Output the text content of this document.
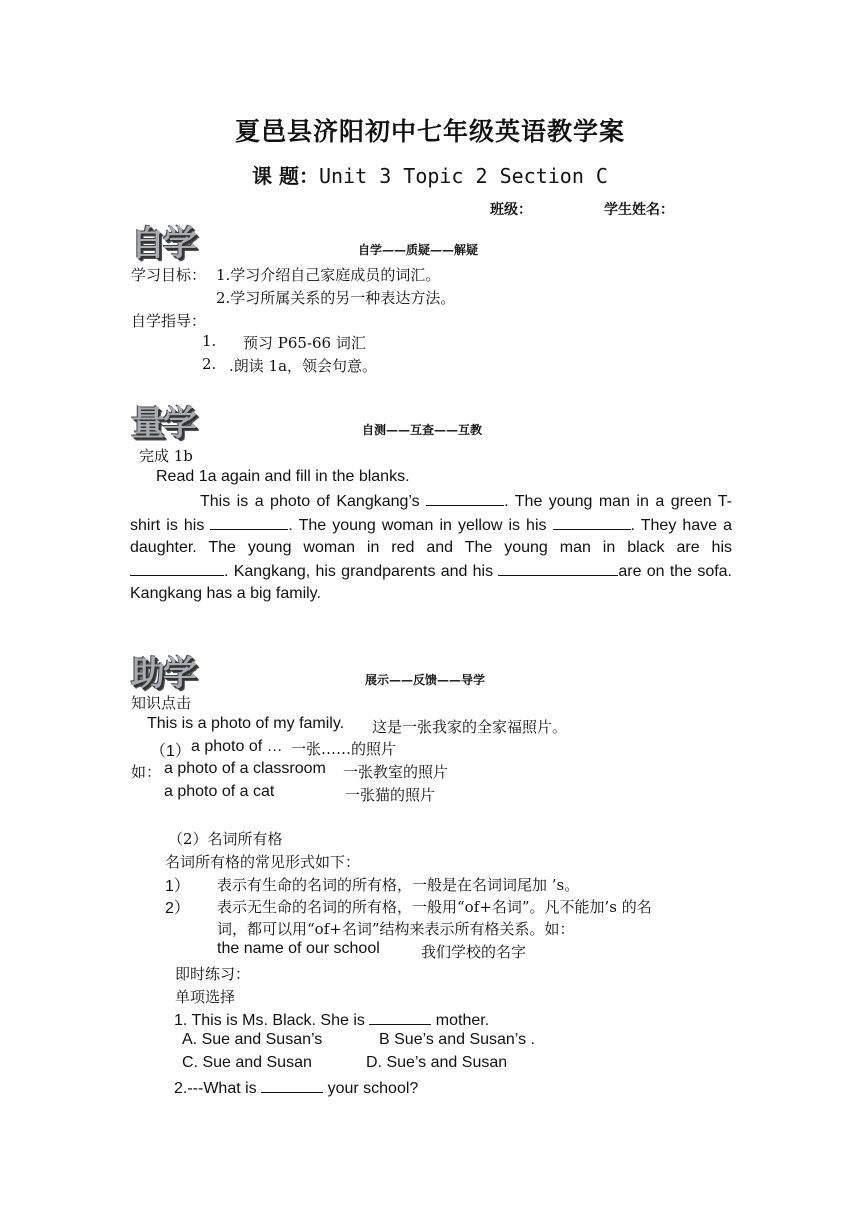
夏邑县济阳初中七年级英语教学案
课 题：Unit 3 Topic 2 Section C
班级：	学生姓名：
自学	自学——质疑——解疑
学习目标： 1.学习介绍自己家庭成员的词汇。
2.学习所属关系的另一种表达方法。
自学指导：
1. 预习 P65-66 词汇
2. .朗读 1a，领会句意。
量学	自测——互查——互教
完成 1b
Read 1a again and fill in the blanks.
This is a photo of Kangkang’s	. The young man in a green T-shirt is his	. The young woman in yellow is his	. They have a daughter. The young woman in red and The young man in black are his . Kangkang, his grandparents and his	are on the sofa. Kangkang has a big family.
助学	展示——反馈——导学
知识点击
This is a photo of my family. 这是一张我家的全家福照片。
（1） a photo of … 一张……的照片
如： a photo of a classroom 一张教室的照片
a photo of a cat	一张猫的照片
（2）名词所有格
名词所有格的常见形式如下：
1） 表示有生命的名词的所有格，一般是在名词词尾加 ’s。
2） 表示无生命的名词的所有格，一般用“of+名词”。凡不能加’s 的名
词，都可以用“of+名词”结构来表示所有格关系。如：
the name of our school	我们学校的名字
即时练习：
单项选择
1. This is Ms. Black. She is	mother.
A. Sue and Susan’s	B Sue’s and Susan’s .
C. Sue and Susan	D. Sue’s and Susan
2.---What is	your school?
